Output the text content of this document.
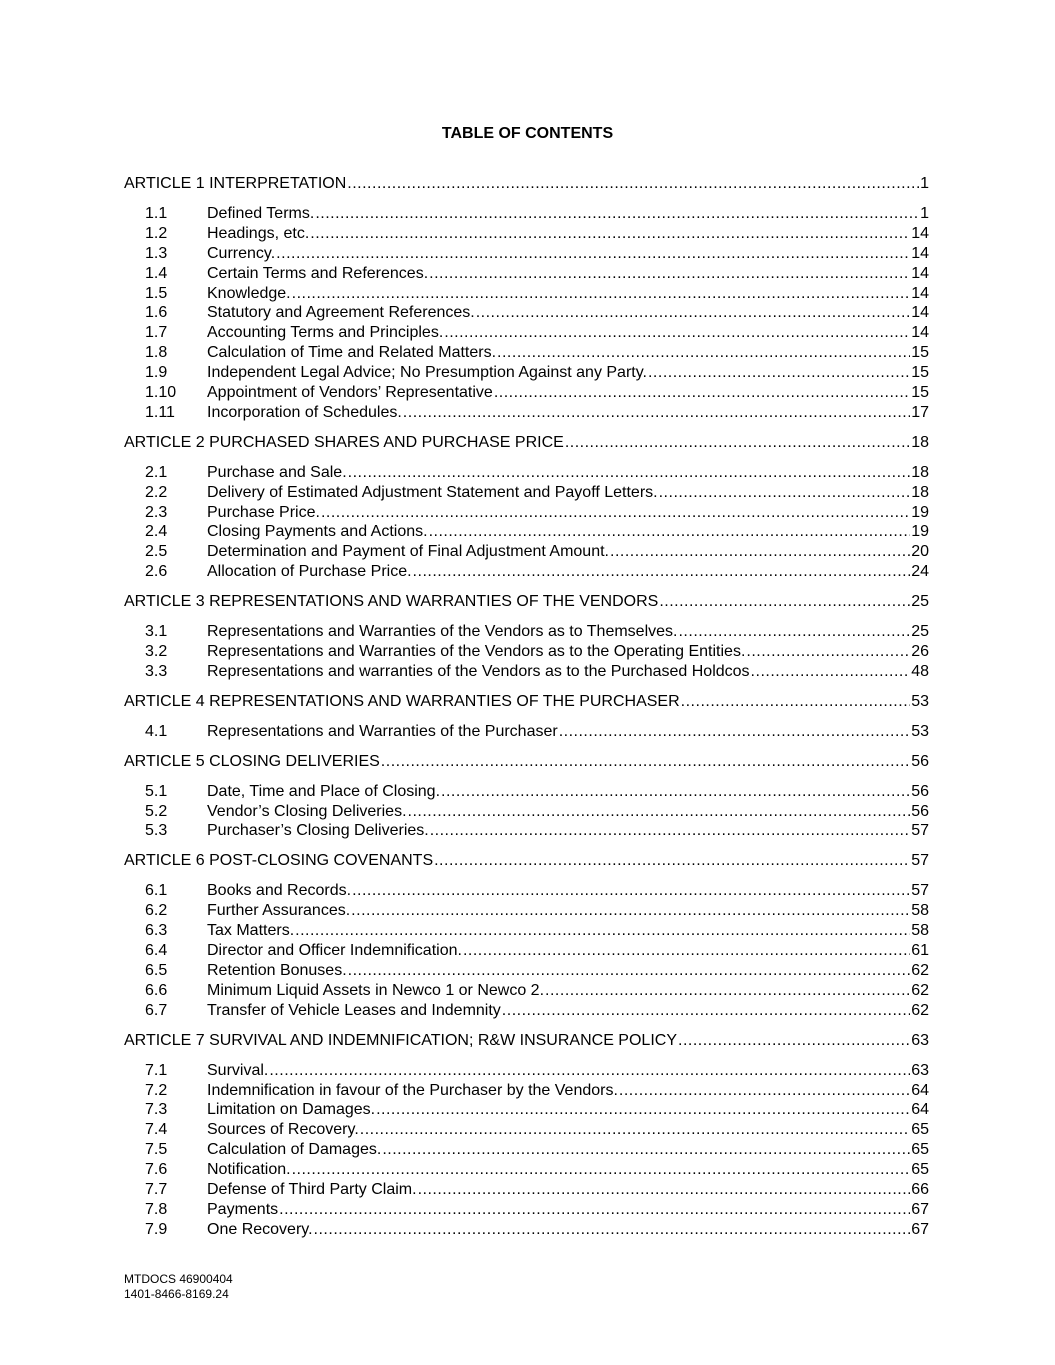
TABLE OF CONTENTS
ARTICLE 1 INTERPRETATION .....	1
1.1	Defined Terms. .....	1
1.2	Headings, etc. .....	14
1.3	Currency. .....	14
1.4	Certain Terms and References. .....	14
1.5	Knowledge. .....	14
1.6	Statutory and Agreement References. .....	14
1.7	Accounting Terms and Principles. .....	14
1.8	Calculation of Time and Related Matters. .....	15
1.9	Independent Legal Advice; No Presumption Against any Party. .....	15
1.10	Appointment of Vendors’ Representative .....	15
1.11	Incorporation of Schedules. .....	17
ARTICLE 2 PURCHASED SHARES AND PURCHASE PRICE .....	18
2.1	Purchase and Sale. .....	18
2.2	Delivery of Estimated Adjustment Statement and Payoff Letters. .....	18
2.3	Purchase Price. .....	19
2.4	Closing Payments and Actions. .....	19
2.5	Determination and Payment of Final Adjustment Amount. .....	20
2.6	Allocation of Purchase Price. .....	24
ARTICLE 3 REPRESENTATIONS AND WARRANTIES OF THE VENDORS .....	25
3.1	Representations and Warranties of the Vendors as to Themselves. .....	25
3.2	Representations and Warranties of the Vendors as to the Operating Entities. .....	26
3.3	Representations and warranties of the Vendors as to the Purchased Holdcos .....	48
ARTICLE 4 REPRESENTATIONS AND WARRANTIES OF THE PURCHASER .....	53
4.1	Representations and Warranties of the Purchaser .....	53
ARTICLE 5 CLOSING DELIVERIES .....	56
5.1	Date, Time and Place of Closing. .....	56
5.2	Vendor’s Closing Deliveries. .....	56
5.3	Purchaser’s Closing Deliveries. .....	57
ARTICLE 6 POST-CLOSING COVENANTS .....	57
6.1	Books and Records. .....	57
6.2	Further Assurances. .....	58
6.3	Tax Matters. .....	58
6.4	Director and Officer Indemnification. .....	61
6.5	Retention Bonuses. .....	62
6.6	Minimum Liquid Assets in Newco 1 or Newco 2. .....	62
6.7	Transfer of Vehicle Leases and Indemnity .....	62
ARTICLE 7 SURVIVAL AND INDEMNIFICATION; R&W INSURANCE POLICY .....	63
7.1	Survival. .....	63
7.2	Indemnification in favour of the Purchaser by the Vendors. .....	64
7.3	Limitation on Damages. .....	64
7.4	Sources of Recovery. .....	65
7.5	Calculation of Damages. .....	65
7.6	Notification. .....	65
7.7	Defense of Third Party Claim. .....	66
7.8	Payments .....	67
7.9	One Recovery. .....	67
MTDOCS 46900404
1401-8466-8169.24
